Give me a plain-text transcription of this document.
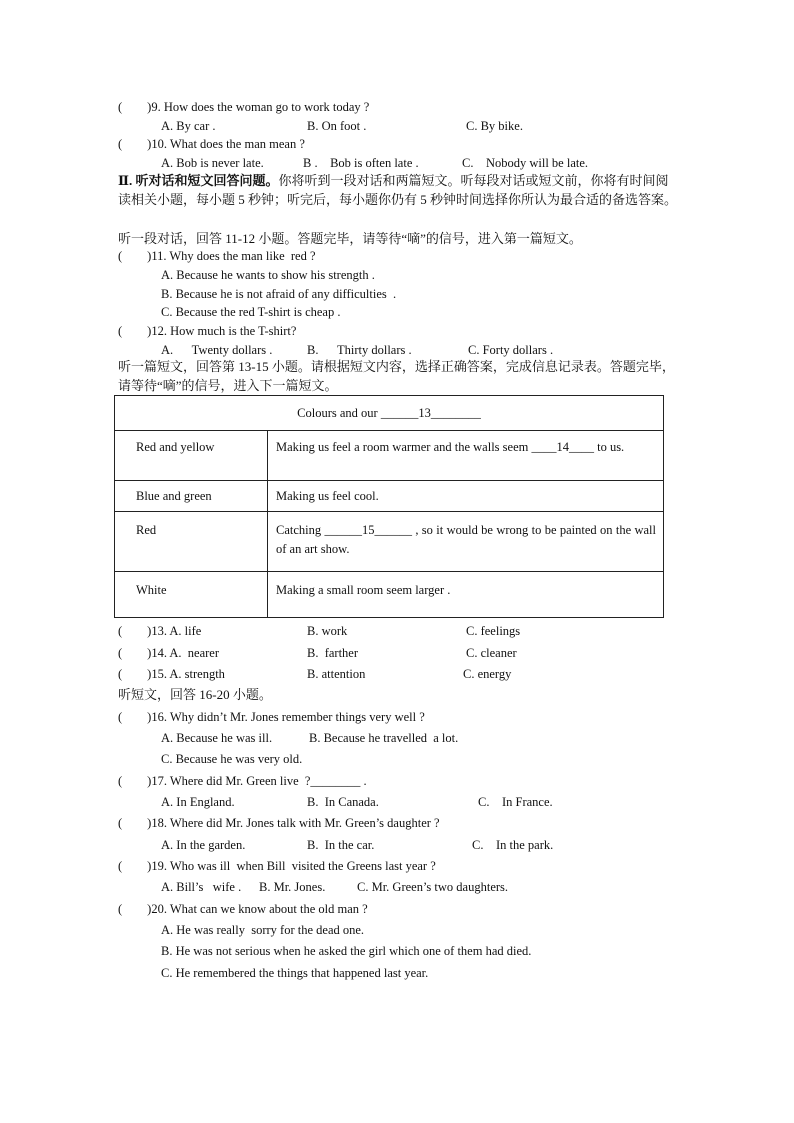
(        )9. How does the woman go to work today ?
A. By car .	B. On foot .	C. By bike.
(        )10. What does the man mean ?
A. Bob is never late.	B .    Bob is often late .	C.    Nobody will be late.
Ⅱ. 听对话和短文回答问题。你将听到一段对话和两篇短文。听每段对话或短文前，你将有时间阅读相关小题，每小题 5 秒钟；听完后，每小题你仍有 5 秒钟时间选择你所认为最合适的备选答案。
听一段对话，回答 11-12 小题。答题完毕，请等待“嘀”的信号，进入第一篇短文。
(        )11. Why does the man like  red ?
A. Because he wants to show his strength .
B. Because he is not afraid of any difficulties  .
C. Because the red T-shirt is cheap .
(        )12. How much is the T-shirt?
A.      Twenty dollars .	B.      Thirty dollars .	C. Forty dollars .
听一篇短文，回答第 13-15 小题。请根据短文内容，选择正确答案，完成信息记录表。答题完毕，请等待“嘀”的信号，进入下一篇短文。
Colours and our ______13________
Red and yellow	Making us feel a room warmer and the walls seem ____14____ to us.
Blue and green	Making us feel cool.
Red	Catching ______15______ , so it would be wrong to be painted on the wall of an art show.
White	Making a small room seem larger .
(        )13. A. life	B. work	C. feelings
(        )14. A.  nearer	B.  farther	C. cleaner
(        )15. A. strength	B. attention	C. energy
听短文，回答 16-20 小题。
(        )16. Why didn’t Mr. Jones remember things very well ?
A. Because he was ill.	B. Because he travelled  a lot.
C. Because he was very old.
(        )17. Where did Mr. Green live  ?________ .
A. In England.	B.  In Canada.	C.    In France.
(        )18. Where did Mr. Jones talk with Mr. Green’s daughter ?
A. In the garden.	B.  In the car.	C.    In the park.
(        )19. Who was ill  when Bill  visited the Greens last year ?
A. Bill’s   wife . B. Mr. Jones.	C. Mr. Green’s two daughters.
(        )20. What can we know about the old man ?
A. He was really  sorry for the dead one.
B. He was not serious when he asked the girl which one of them had died.
C. He remembered the things that happened last year.
